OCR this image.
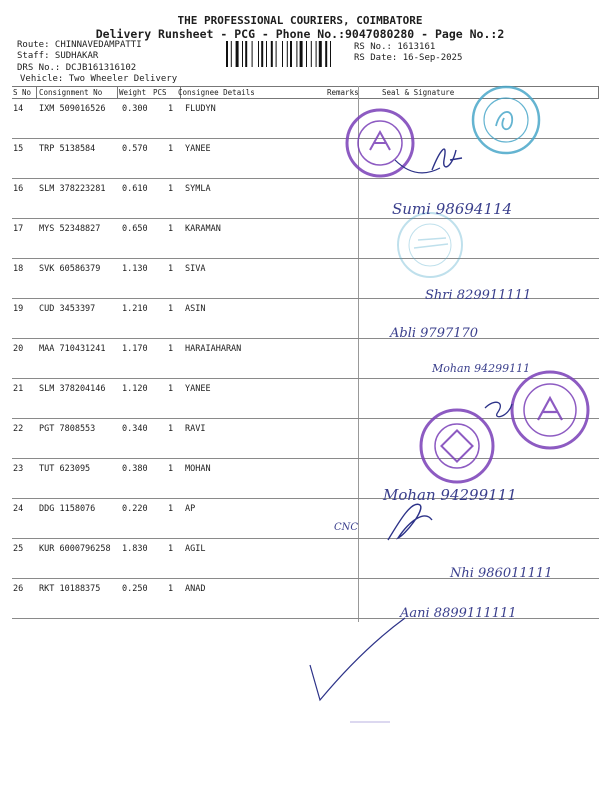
THE PROFESSIONAL COURIERS, COIMBATORE
Delivery Runsheet - PCG - Phone No.:9047080280 - Page No.:2
Route: CHINNAVEDAMPATTI
Staff: SUDHAKAR
DRS No.: DCJB161316102
Vehicle: Two Wheeler Delivery
RS No.: 1613161
RS Date: 16-Sep-2025
S No Consignment No Weight PCS Consignee Details	Remarks	Seal & Signature
14 IXM 509016526 0.300 1 FLUDYN
15 TRP 5138584	0.570 1 YANEE
16 SLM 378223281 0.610 1 SYMLA
17 MYS 52348827	0.650 1 KARAMAN
18 SVK 60586379	1.130 1 SIVA
19 CUD 3453397	1.210 1 ASIN
20 MAA 710431241 1.170 1 HARAIAHARAN
21 SLM 378204146 1.120 1 YANEE
22 PGT 7808553	0.340 1 RAVI
23 TUT 623095	0.380 1 MOHAN
24 DDG 1158076	0.220 1 AP
25 KUR 6000796258 1.830 1 AGIL
26 RKT 10188375	0.250 1 ANAD
Sumi 98694114
Shri 829911111
Abli 9797170
Mohan 94299111
CNC
Mohan 94299111
Nhi 986011111
Aani 8899111111
